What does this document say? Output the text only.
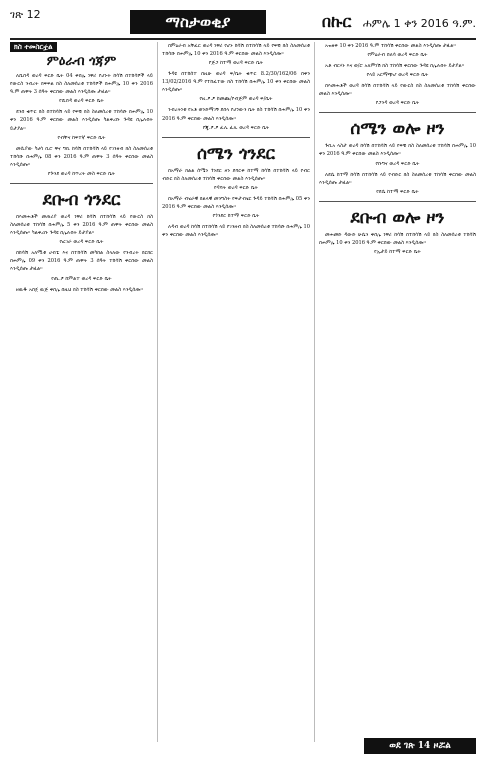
ገጽ 12	ማስታወቂያ	በኩር ሐምሌ 1 ቀን 2016 ዓ.ም.
ክስ ተመስርቷል
ምዕራብ ጎጃም

ለሺበዳ ወረዳ ፍርድ ቤት 04 ቀበሌ ነዋሪ የሆኑት ከሳሽ በተከሳሾች ላይ የውርስ ንብረት ክፍፍል ክስ ስለመሰረቱ ተከሳሾች በሐምሌ 10 ቀን 2016 ዓ.ም ጠዋት 3 ሰዓት ቀርበው መልስ እንዲሰጡ ታዟል፡፡

የሺበዳ ወረዳ ፍርድ ቤት

ደንበ ቁጥር ክስ በተከሳሽ ላይ የፍቺ ክስ ስለመሰረቱ ተከሳሹ በሐምሌ 10 ቀን 2016 ዓ.ም ቀርበው መልስ እንዲሰጡ ካልቀረቡ ጉዳዩ በሌሉበት ይታያል፡፡

የብቸና ከፍተኛ ፍርድ ቤት

መሲያው ካሀሳ ቢሮ ዋና ግቢ ከሳሽ በተከሳሽ ላይ የገንዘብ ክስ ስለመሰረቱ ተከሳሹ በሐምሌ 08 ቀን 2016 ዓ.ም ጠዋት 3 ሰዓት ቀርበው መልስ እንዲሰጡ፡፡

የጉንደ ወረዳ ከጥረት መስ ፍርድ ቤት
ደቡብ ጎንደር

በእመሐቶች መጠሪያ ወረዳ ነዋሪ ከሳሽ በተከሳሽ ላይ የውርስ ክስ ስለመሰረቱ ተከሳሽ በሐምሌ 5 ቀን 2016 ዓ.ም ጠዋት ቀርበው መልስ እንዲሰጡ፡፡ ካልቀረቡ ጉዳዩ በሌሉበት ይታያል፡፡

የፎገራ ወረዳ ፍርድ ቤት

በከሳሽ አለሚቱ ሀብቴ እና በተከሳሽ መካከል ስላለው የንብረት ክርክር በሐምሌ 09 ቀን 2016 ዓ.ም ጠዋት 3 ሰዓት ተከሳሽ ቀርበው መልስ እንዲሰጡ ታዟል፡፡

የጢ.ፆ ከምልተ ወረዳ ፍርድ ቤት

ዘዉዱ አበጀ ዉጅ ቀበሌ በዚህ ክስ ተከሳሽ ቀርበው መልስ እንዲሰጡ፡፡

በምዕራብ አቸፈር ወረዳ ነዋሪ የሆኑ ከሳሽ በተከሳሽ ላይ የፍቺ ክስ ስለመሰረቱ ተከሳሹ በሐምሌ 10 ቀን 2016 ዓ.ም ቀርበው መልስ እንዲሰጡ፡፡

የጅጋ ከተማ ወረዳ ፍርድ ቤት

ጉዳዩ በተከሰተ በዚሁ ወረዳ ፍ/ቤት ቁጥር 8.2/30/162/06 በቀን 13/02/2016 ዓ.ም የተከፈተው ክስ ተከሳሽ በሐምሌ 10 ቀን ቀርበው መልስ እንዲሰጡ፡፡

የዚ.ፆ.ፆ ከመጨ/የብጅም ወረዳ ፍ/ቤት

ንብረትነቱ የአቶ ወንድማገኝ ደበላ የሆነውን ቤት ክስ ተከሳሽ በሐምሌ 10 ቀን 2016 ዓ.ም ቀርበው መልስ እንዲሰጡ፡፡

የጂ.ፆ.ፆ ፈሊ ፈሊ ወረዳ ፍርድ ቤት
ሰሜን ጎንደር

በአማራ ክልል ሰሜን ጎንደር ዞን ደባርቅ ከተማ ከሳሽ በተከሳሽ ላይ የብር ብድር ክስ ስለመሰረቱ ተከሳሽ ቀርበው መልስ እንዲሰጡ፡፡

የዳባት ወረዳ ፍርድ ቤት

በአማራ ብሄራዊ ክልላዊ መንግስት የፍታብሄር ጉዳይ ተከሳሽ በሐምሌ 05 ቀን 2016 ዓ.ም ቀርበው መልስ እንዲሰጡ፡፡

የጎንደር ከተማ ፍርድ ቤት

ለዳብ ወረዳ ከሳሽ በተከሳሽ ላይ የገንዘብ ክስ ስለመሰረቱ ተከሳሹ በሐምሌ 10 ቀን ቀርበው መልስ እንዲሰጡ፡፡

አዝዘቅ 10 ቀን 2016 ዓ.ም ተከሳሽ ቀርበው መልስ እንዲሰጡ ታዟል፡፡

የምዕራብ በለሳ ወረዳ ፍርድ ቤት

አቶ ብርሃኑ እና ወ/ሮ አለምነሽ ክስ ተከሳሽ ቀርበው ጉዳዩ በሌሉበት ይታያል፡፡

የላይ አርማጭሆ ወረዳ ፍርድ ቤት

በእመሐቶች ወረዳ ከሳሽ በተከሳሽ ላይ የውርስ ክስ ስለመሰረቱ ተከሳሽ ቀርበው መልስ እንዲሰጡ፡፡

የጋንዳ ወረዳ ፍርድ ቤት
ሰሜን ወሎ ዞን

ጉቢአ ላስታ ወረዳ ከሳሽ በተከሳሽ ላይ የፍቺ ክስ ስለመሰረቱ ተከሳሽ በሐምሌ 10 ቀን 2016 ዓ.ም ቀርበው መልስ እንዲሰጡ፡፡

የቡግና ወረዳ ፍርድ ቤት

ለደሴ ከተማ ከሳሽ በተከሳሽ ላይ የብድር ክስ ስለመሰረቱ ተከሳሽ ቀርበው መልስ እንዲሰጡ ታዟል፡፡

የደሴ ከተማ ፍርድ ቤት
ደቡብ ወሎ ዞን

መሐመድ ዳውድ ሁሴን ቀበሌ ነዋሪ ከሳሽ በተከሳሽ ላይ ክስ ስለመሰረቱ ተከሳሽ በሐምሌ 10 ቀን 2016 ዓ.ም ቀርበው መልስ እንዲሰጡ፡፡

የኢታይ ከተማ ፍርድ ቤት
ወደ ገጽ 14 ዞሯል
